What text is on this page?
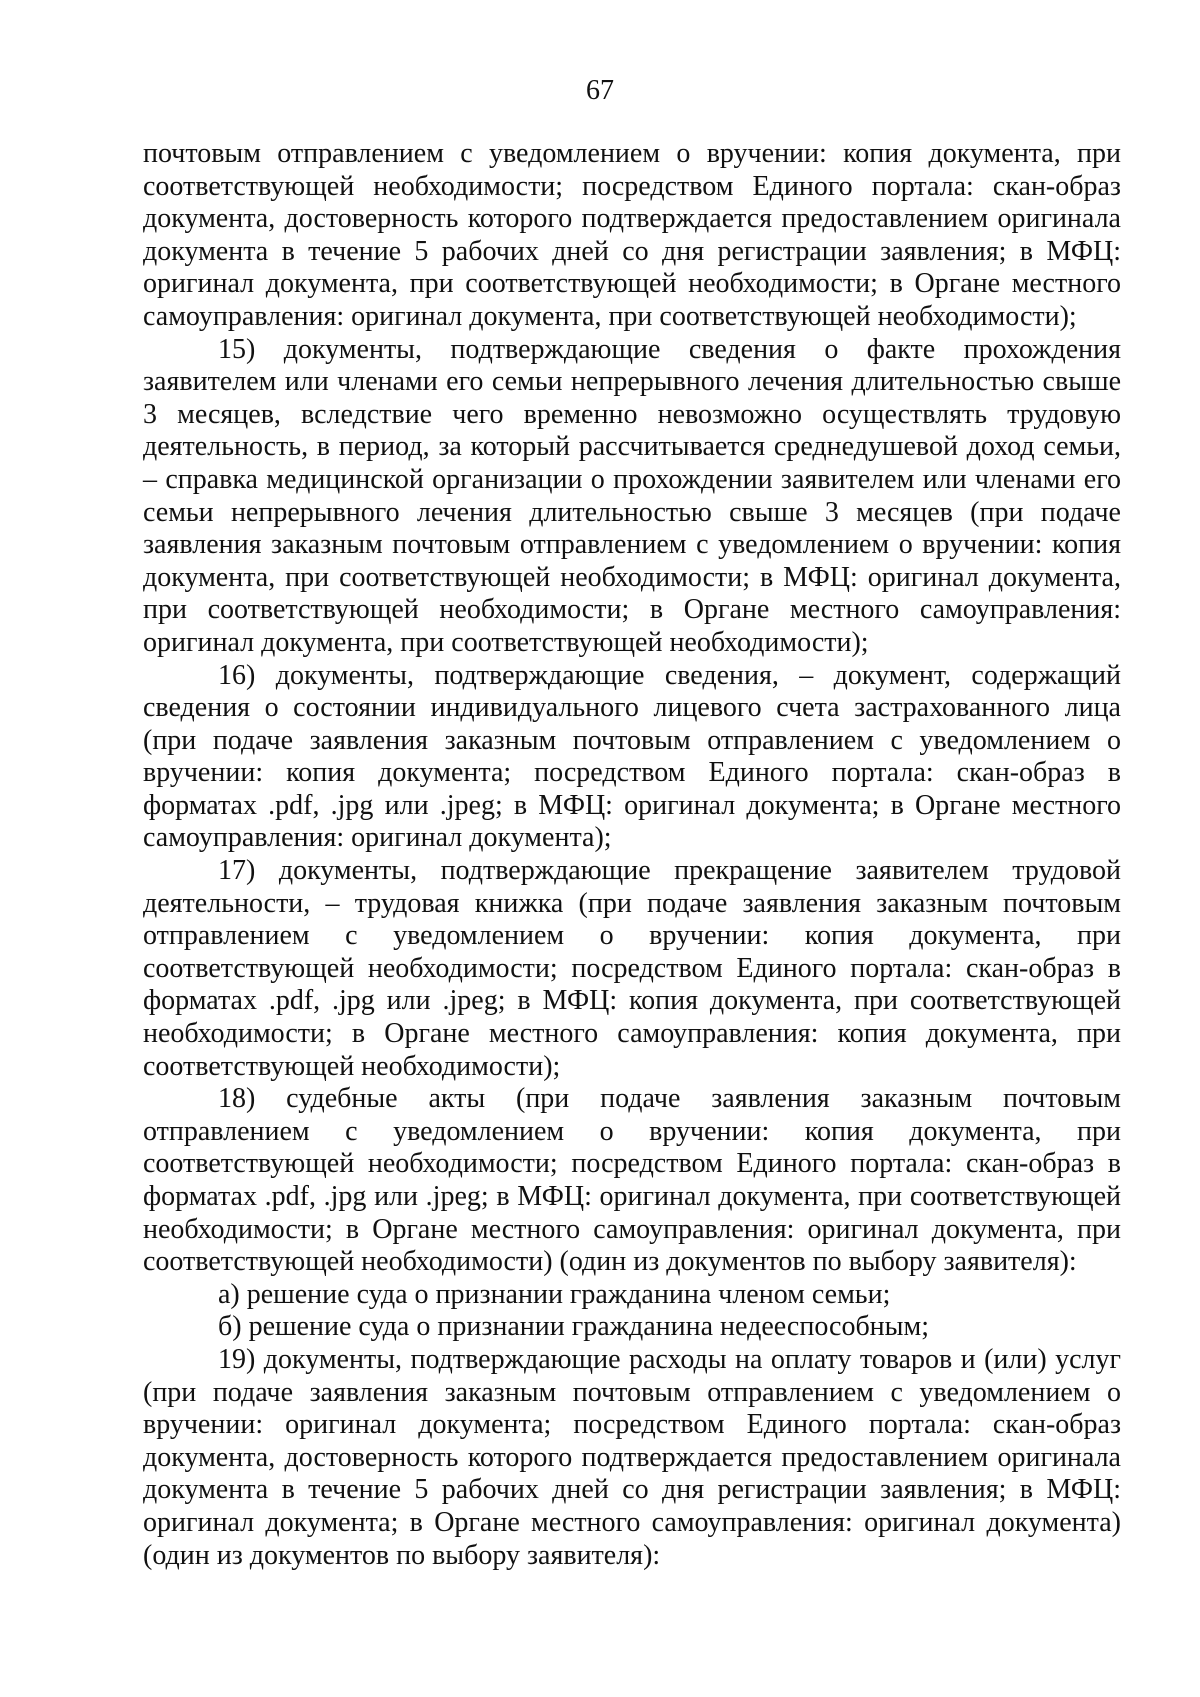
67

почтовым отправлением с уведомлением о вручении: копия документа, при соответствующей необходимости; посредством Единого портала: скан-образ документа, достоверность которого подтверждается предоставлением оригинала документа в течение 5 рабочих дней со дня регистрации заявления; в МФЦ: оригинал документа, при соответствующей необходимости; в Органе местного самоуправления: оригинал документа, при соответствующей необходимости);

15) документы, подтверждающие сведения о факте прохождения заявителем или членами его семьи непрерывного лечения длительностью свыше 3 месяцев, вследствие чего временно невозможно осуществлять трудовую деятельность, в период, за который рассчитывается среднедушевой доход семьи, – справка медицинской организации о прохождении заявителем или членами его семьи непрерывного лечения длительностью свыше 3 месяцев (при подаче заявления заказным почтовым отправлением с уведомлением о вручении: копия документа, при соответствующей необходимости; в МФЦ: оригинал документа, при соответствующей необходимости; в Органе местного самоуправления: оригинал документа, при соответствующей необходимости);

16) документы, подтверждающие сведения, – документ, содержащий сведения о состоянии индивидуального лицевого счета застрахованного лица (при подаче заявления заказным почтовым отправлением с уведомлением о вручении: копия документа; посредством Единого портала: скан-образ в форматах .pdf, .jpg или .jpeg; в МФЦ: оригинал документа; в Органе местного самоуправления: оригинал документа);

17) документы, подтверждающие прекращение заявителем трудовой деятельности, – трудовая книжка (при подаче заявления заказным почтовым отправлением с уведомлением о вручении: копия документа, при соответствующей необходимости; посредством Единого портала: скан-образ в форматах .pdf, .jpg или .jpeg; в МФЦ: копия документа, при соответствующей необходимости; в Органе местного самоуправления: копия документа, при соответствующей необходимости);

18) судебные акты (при подаче заявления заказным почтовым отправлением с уведомлением о вручении: копия документа, при соответствующей необходимости; посредством Единого портала: скан-образ в форматах .pdf, .jpg или .jpeg; в МФЦ: оригинал документа, при соответствующей необходимости; в Органе местного самоуправления: оригинал документа, при соответствующей необходимости) (один из документов по выбору заявителя):

а) решение суда о признании гражданина членом семьи;

б) решение суда о признании гражданина недееспособным;

19) документы, подтверждающие расходы на оплату товаров и (или) услуг (при подаче заявления заказным почтовым отправлением с уведомлением о вручении: оригинал документа; посредством Единого портала: скан-образ документа, достоверность которого подтверждается предоставлением оригинала документа в течение 5 рабочих дней со дня регистрации заявления; в МФЦ: оригинал документа; в Органе местного самоуправления: оригинал документа) (один из документов по выбору заявителя):
